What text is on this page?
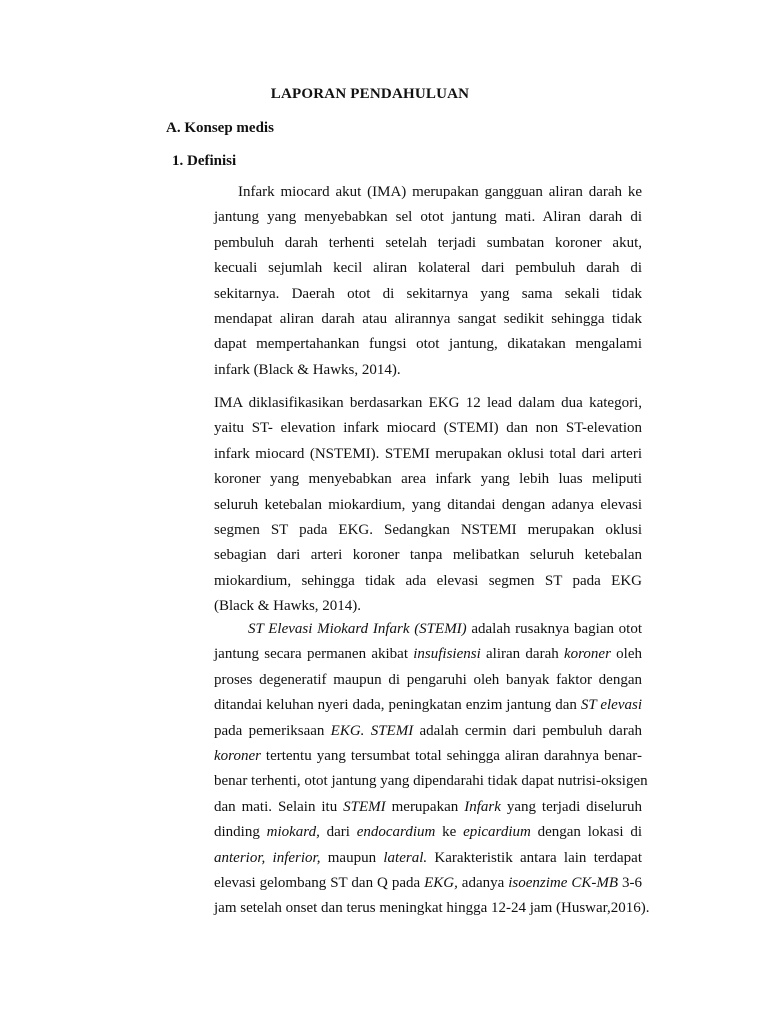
LAPORAN PENDAHULUAN
A. Konsep medis
1. Definisi
Infark miocard akut (IMA) merupakan gangguan aliran darah ke
jantung yang menyebabkan sel otot jantung mati. Aliran darah di
pembuluh darah terhenti setelah terjadi sumbatan koroner akut,
kecuali sejumlah kecil aliran kolateral dari pembuluh darah di
sekitarnya. Daerah otot di sekitarnya yang sama sekali tidak
mendapat aliran darah atau alirannya sangat sedikit sehingga tidak
dapat mempertahankan fungsi otot jantung, dikatakan mengalami
infark (Black & Hawks, 2014).
IMA diklasifikasikan berdasarkan EKG 12 lead dalam dua kategori,
yaitu ST- elevation infark miocard (STEMI) dan non ST-elevation
infark miocard (NSTEMI). STEMI merupakan oklusi total dari arteri
koroner yang menyebabkan area infark yang lebih luas meliputi
seluruh ketebalan miokardium, yang ditandai dengan adanya elevasi
segmen ST pada EKG. Sedangkan NSTEMI merupakan oklusi
sebagian dari arteri koroner tanpa melibatkan seluruh ketebalan
miokardium, sehingga tidak ada elevasi segmen ST pada EKG
(Black & Hawks, 2014).
ST Elevasi Miokard Infark (STEMI) adalah rusaknya bagian otot
jantung secara permanen akibat insufisiensi aliran darah koroner oleh
proses degeneratif maupun di pengaruhi oleh banyak faktor dengan
ditandai keluhan nyeri dada, peningkatan enzim jantung dan ST elevasi
pada pemeriksaan EKG. STEMI adalah cermin dari pembuluh darah
koroner tertentu yang tersumbat total sehingga aliran darahnya benar-
benar terhenti, otot jantung yang dipendarahi tidak dapat nutrisi-oksigen
dan mati. Selain itu STEMI merupakan Infark yang terjadi diseluruh
dinding miokard, dari endocardium ke epicardium dengan lokasi di
anterior, inferior, maupun lateral. Karakteristik antara lain terdapat
elevasi gelombang ST dan Q pada EKG, adanya isoenzime CK-MB 3-6
jam setelah onset dan terus meningkat hingga 12-24 jam (Huswar,2016).
